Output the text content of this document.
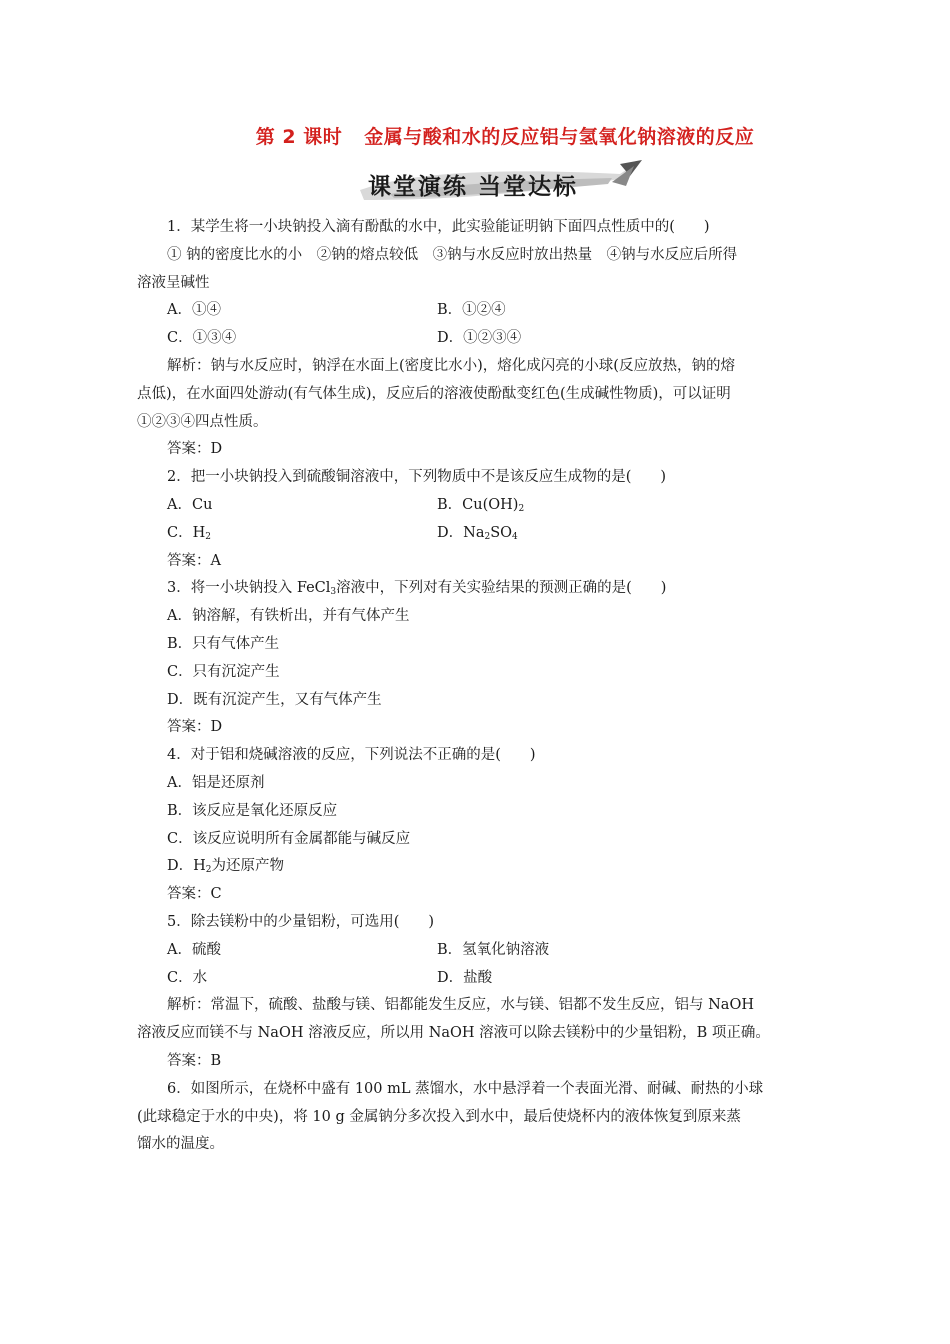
第 2 课时 金属与酸和水的反应铝与氢氧化钠溶液的反应
课堂演练 当堂达标
1．某学生将一小块钠投入滴有酚酞的水中，此实验能证明钠下面四点性质中的(　　)
① 钠的密度比水的小　②钠的熔点较低　③钠与水反应时放出热量　④钠与水反应后所得
溶液呈碱性
A．①④	B．①②④
C．①③④	D．①②③④
解析：钠与水反应时，钠浮在水面上(密度比水小)，熔化成闪亮的小球(反应放热，钠的熔
点低)，在水面四处游动(有气体生成)，反应后的溶液使酚酞变红色(生成碱性物质)，可以证明
①②③④四点性质。
答案：D
2．把一小块钠投入到硫酸铜溶液中，下列物质中不是该反应生成物的是(　　)
A．Cu	B．$Cu(OH)_2$
C．$H_2$	D．$Na_2SO_4$
答案：A
3．将一小块钠投入 FeCl$_3$溶液中，下列对有关实验结果的预测正确的是(　　)
A．钠溶解，有铁析出，并有气体产生
B．只有气体产生
C．只有沉淀产生
D．既有沉淀产生，又有气体产生
答案：D
4．对于铝和烧碱溶液的反应，下列说法不正确的是(　　)
A．铝是还原剂
B．该反应是氧化还原反应
C．该反应说明所有金属都能与碱反应
D．$H_2$为还原产物
答案：C
5．除去镁粉中的少量铝粉，可选用(　　)
A．硫酸	B．氢氧化钠溶液
C．水	D．盐酸
解析：常温下，硫酸、盐酸与镁、铝都能发生反应，水与镁、铝都不发生反应，铝与 NaOH
溶液反应而镁不与 NaOH 溶液反应，所以用 NaOH 溶液可以除去镁粉中的少量铝粉，B 项正确。
答案：B
6．如图所示，在烧杯中盛有 100 mL 蒸馏水，水中悬浮着一个表面光滑、耐碱、耐热的小球
(此球稳定于水的中央)，将 10 g 金属钠分多次投入到水中，最后使烧杯内的液体恢复到原来蒸
馏水的温度。
